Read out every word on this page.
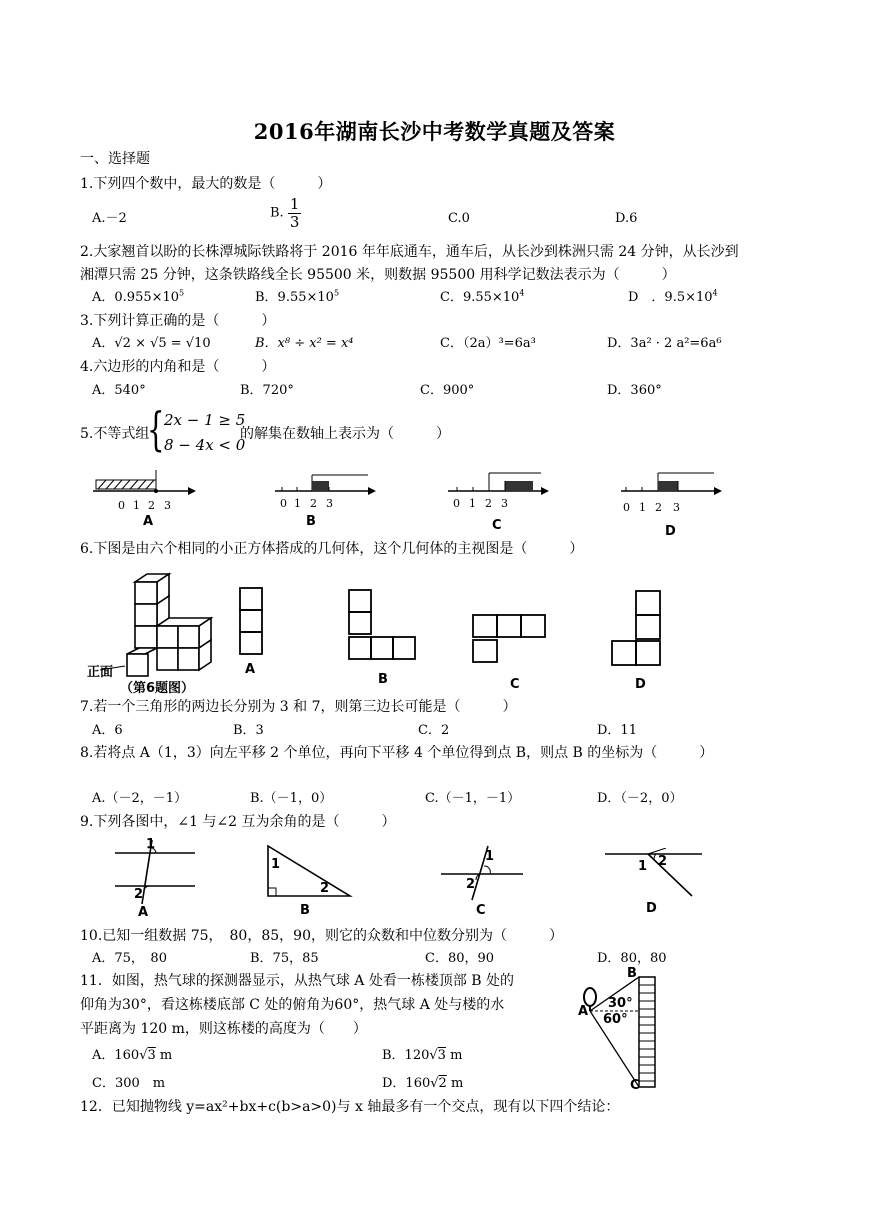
2016年湖南长沙中考数学真题及答案
一、选择题
1.下列四个数中，最大的数是（　　　）
A.－2	B. $\frac{1}{3}$	C.0	D.6
2.大家翘首以盼的长株潭城际铁路将于 2016 年年底通车，通车后，从长沙到株洲只需 24 分钟，从长沙到
湘潭只需 25 分钟，这条铁路线全长 95500 米，则数据 95500 用科学记数法表示为（　　　）
A．$0.955\times 10^5$	B．$9.55\times 10^5$	C．$9.55\times 10^4$	D　．$9.5\times 10^4$
3.下列计算正确的是（　　　）
A．√2 × √5 = √10	B．x⁸ ÷ x² = x⁴	C．（2a）³=6a³	D．3a² · 2 a²=6a⁶
4.六边形的内角和是（　　　）
A．540°	B．720°	C．900°	D．360°
5.不等式组
{ 2x − 1 ≥ 5
8 − 4x < 0
的解集在数轴上表示为（　　　）
0 1 2 3
A
0 1 2 3
B
0 1 2 3
C
0 1 2 3
D
6.下图是由六个相同的小正方体搭成的几何体，这个几何体的主视图是（　　　）
正面
（第6题图）
A
B	C	D
7.若一个三角形的两边长分别为 3 和 7，则第三边长可能是（　　　）
A．6	B．3	C．2	D．11
8.若将点 A（1，3）向左平移 2 个单位，再向下平移 4 个单位得到点 B，则点 B 的坐标为（　　　）
A.（－2，－1）	B.（－1，0）	C.（－1，－1）	D．（－2，0）
9.下列各图中，∠1 与∠2 互为余角的是（　　　）
1
2
A
1
2
B
1
2
C
1 2
D
10.已知一组数据 75，　80，85，90，则它的众数和中位数分别为（　　　）
A．75，　80	B．75，85	C．80，90	D．80，80
11．如图，热气球的探测器显示，从热气球 A 处看一栋楼顶部 B 处的
仰角为30°，看这栋楼底部 C 处的俯角为60°，热气球 A 处与楼的水
平距离为 120 m，则这栋楼的高度为（　　）
A．160√3 m	B．120√3 m
C．300　m	D．160√2 m
B
A
C
30°
60°
12．已知抛物线 y=ax²+bx+c(b>a>0)与 x 轴最多有一个交点，现有以下四个结论：
